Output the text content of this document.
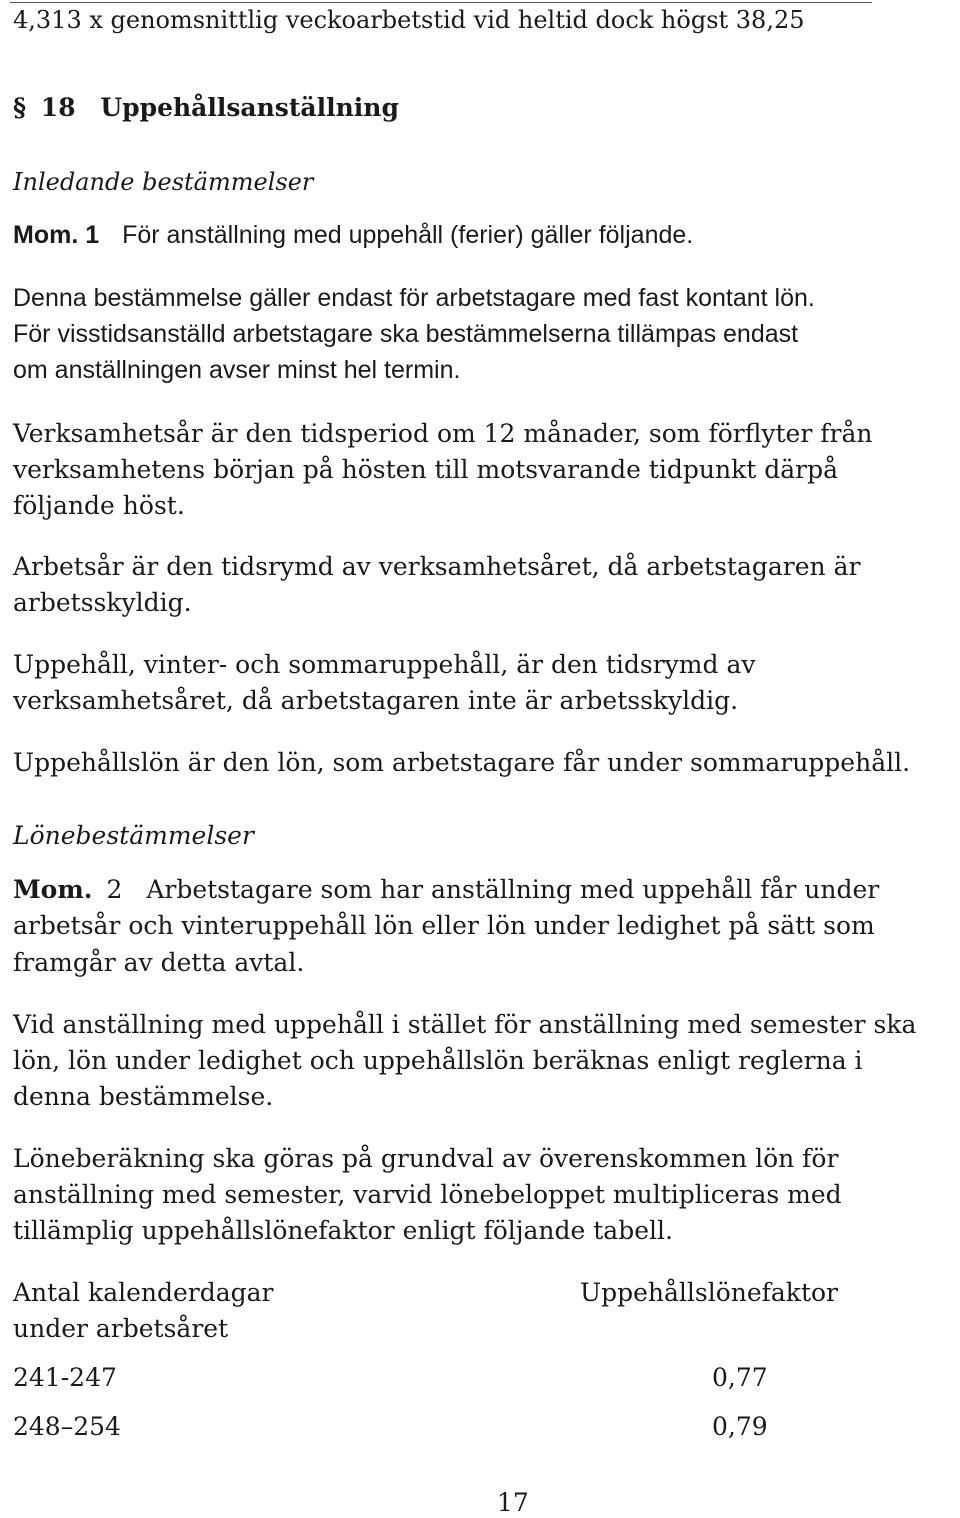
4,313 x genomsnittlig veckoarbetstid vid heltid dock högst 38,25
§ 18 Uppehållsanställning
Inledande bestämmelser
Mom. 1 För anställning med uppehåll (ferier) gäller följande.
Denna bestämmelse gäller endast för arbetstagare med fast kontant lön.
För visstidsanställd arbetstagare ska bestämmelserna tillämpas endast
om anställningen avser minst hel termin.
Verksamhetsår är den tidsperiod om 12 månader, som förflyter från
verksamhetens början på hösten till motsvarande tidpunkt därpå
följande höst.
Arbetsår är den tidsrymd av verksamhetsåret, då arbetstagaren är
arbetsskyldig.
Uppehåll, vinter- och sommaruppehåll, är den tidsrymd av
verksamhetsåret, då arbetstagaren inte är arbetsskyldig.
Uppehållslön är den lön, som arbetstagare får under sommaruppehåll.
Lönebestämmelser
Mom. 2 Arbetstagare som har anställning med uppehåll får under
arbetsår och vinteruppehåll lön eller lön under ledighet på sätt som
framgår av detta avtal.
Vid anställning med uppehåll i stället för anställning med semester ska
lön, lön under ledighet och uppehållslön beräknas enligt reglerna i
denna bestämmelse.
Löneberäkning ska göras på grundval av överenskommen lön för
anställning med semester, varvid lönebeloppet multipliceras med
tillämplig uppehållslönefaktor enligt följande tabell.
Antal kalenderdagar
under arbetsåret
Uppehållslönefaktor
241-247	0,77
248–254	0,79
17
